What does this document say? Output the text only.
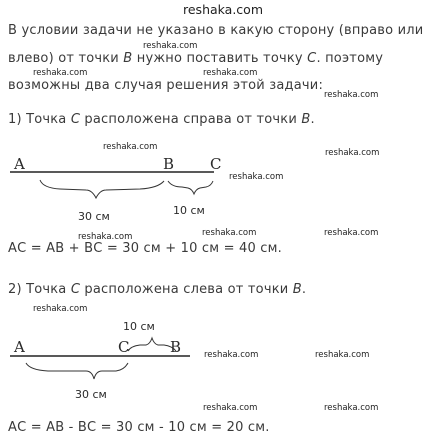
reshaka.com
В условии задачи не указано в какую сторону (вправо или
влево) от точки В нужно поставить точку С. поэтому
возможны два случая решения этой задачи:
1) Точка С расположена справа от точки В.
A	B C
30 см	10 см
АС = АВ + ВС = 30 см + 10 см = 40 см.
2) Точка С расположена слева от точки В.
A	C	B
10 см
30 см
АС = АВ - ВС = 30 см - 10 см = 20 см.
reshaka.com
reshaka.com	reshaka.com
reshaka.com
reshaka.com
reshaka.com
reshaka.com
reshaka.com	reshaka.com	reshaka.com
reshaka.com
reshaka.com	reshaka.com
reshaka.com	reshaka.com
